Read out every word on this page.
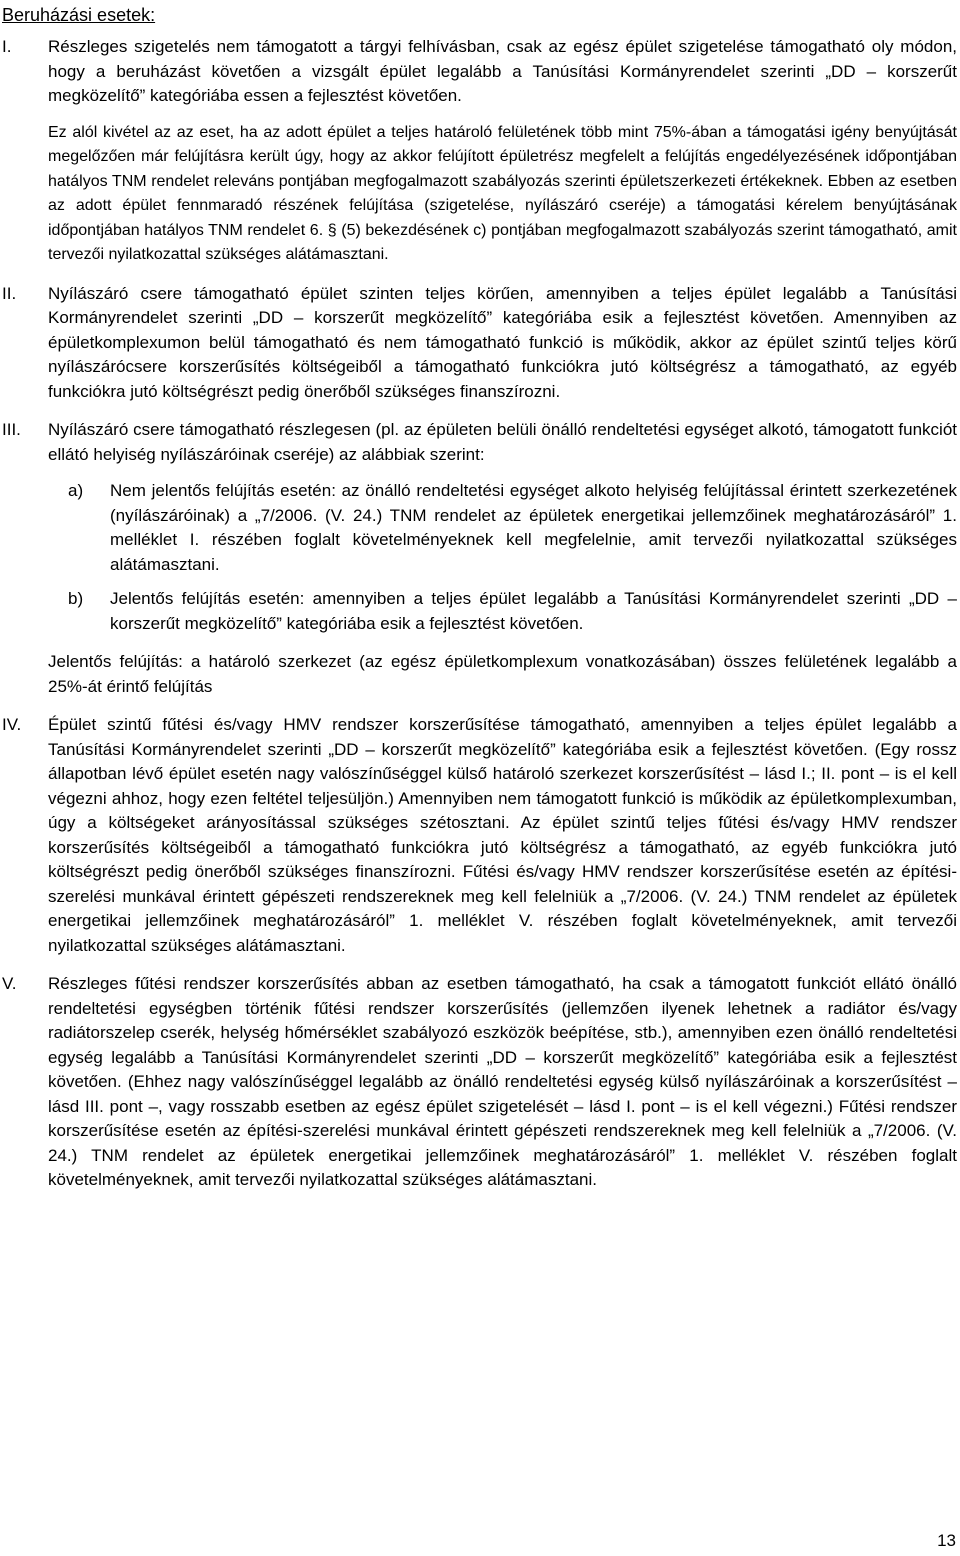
Beruházási esetek:
I.	Részleges szigetelés nem támogatott a tárgyi felhívásban, csak az egész épület szigetelése támogatható oly módon, hogy a beruházást követően a vizsgált épület legalább a Tanúsítási Kormányrendelet szerinti „DD – korszerűt megközelítő” kategóriába essen a fejlesztést követően.
Ez alól kivétel az az eset, ha az adott épület a teljes határoló felületének több mint 75%-ában a támogatási igény benyújtását megelőzően már felújításra került úgy, hogy az akkor felújított épületrész megfelelt a felújítás engedélyezésének időpontjában hatályos TNM rendelet releváns pontjában megfogalmazott szabályozás szerinti épületszerkezeti értékeknek. Ebben az esetben az adott épület fennmaradó részének felújítása (szigetelése, nyílászáró cseréje) a támogatási kérelem benyújtásának időpontjában hatályos TNM rendelet 6. § (5) bekezdésének c) pontjában megfogalmazott szabályozás szerint támogatható, amit tervezői nyilatkozattal szükséges alátámasztani.
II.	Nyílászáró csere támogatható épület szinten teljes körűen, amennyiben a teljes épület legalább a Tanúsítási Kormányrendelet szerinti „DD – korszerűt megközelítő” kategóriába esik a fejlesztést követően. Amennyiben az épületkomplexumon belül támogatható és nem támogatható funkció is működik, akkor az épület szintű teljes körű nyílászárócsere korszerűsítés költségeiből a támogatható funkciókra jutó költségrész a támogatható, az egyéb funkciókra jutó költségrészt pedig önerőből szükséges finanszírozni.
III.	Nyílászáró csere támogatható részlegesen (pl. az épületen belüli önálló rendeltetési egységet alkotó, támogatott funkciót ellátó helyiség nyílászáróinak cseréje) az alábbiak szerint:
a)	Nem jelentős felújítás esetén: az önálló rendeltetési egységet alkoto helyiség felújítással érintett szerkezetének (nyílászáróinak) a „7/2006. (V. 24.) TNM rendelet az épületek energetikai jellemzőinek meghatározásáról” 1. melléklet I. részében foglalt követelményeknek kell megfelelnie, amit tervezői nyilatkozattal szükséges alátámasztani.
b)	Jelentős felújítás esetén: amennyiben a teljes épület legalább a Tanúsítási Kormányrendelet szerinti „DD – korszerűt megközelítő” kategóriába esik a fejlesztést követően.
Jelentős felújítás: a határoló szerkezet (az egész épületkomplexum vonatkozásában) összes felületének legalább a 25%-át érintő felújítás
IV.	Épület szintű fűtési és/vagy HMV rendszer korszerűsítése támogatható, amennyiben a teljes épület legalább a Tanúsítási Kormányrendelet szerinti „DD – korszerűt megközelítő” kategóriába esik a fejlesztést követően. (Egy rossz állapotban lévő épület esetén nagy valószínűséggel külső határoló szerkezet korszerűsítést – lásd I.; II. pont – is el kell végezni ahhoz, hogy ezen feltétel teljesüljön.) Amennyiben nem támogatott funkció is működik az épületkomplexumban, úgy a költségeket arányosítással szükséges szétosztani. Az épület szintű teljes fűtési és/vagy HMV rendszer korszerűsítés költségeiből a támogatható funkciókra jutó költségrész a támogatható, az egyéb funkciókra jutó költségrészt pedig önerőből szükséges finanszírozni. Fűtési és/vagy HMV rendszer korszerűsítése esetén az építési-szerelési munkával érintett gépészeti rendszereknek meg kell felelniük a „7/2006. (V. 24.) TNM rendelet az épületek energetikai jellemzőinek meghatározásáról” 1. melléklet V. részében foglalt követelményeknek, amit tervezői nyilatkozattal szükséges alátámasztani.
V.	Részleges fűtési rendszer korszerűsítés abban az esetben támogatható, ha csak a támogatott funkciót ellátó önálló rendeltetési egységben történik fűtési rendszer korszerűsítés (jellemzően ilyenek lehetnek a radiátor és/vagy radiátorszelep cserék, helység hőmérséklet szabályozó eszközök beépítése, stb.), amennyiben ezen önálló rendeltetési egység legalább a Tanúsítási Kormányrendelet szerinti „DD – korszerűt megközelítő” kategóriába esik a fejlesztést követően. (Ehhez nagy valószínűséggel legalább az önálló rendeltetési egység külső nyílászáróinak a korszerűsítést – lásd III. pont –, vagy rosszabb esetben az egész épület szigetelését – lásd I. pont – is el kell végezni.) Fűtési rendszer korszerűsítése esetén az építési-szerelési munkával érintett gépészeti rendszereknek meg kell felelniük a „7/2006. (V. 24.) TNM rendelet az épületek energetikai jellemzőinek meghatározásáról” 1. melléklet V. részében foglalt követelményeknek, amit tervezői nyilatkozattal szükséges alátámasztani.
13
